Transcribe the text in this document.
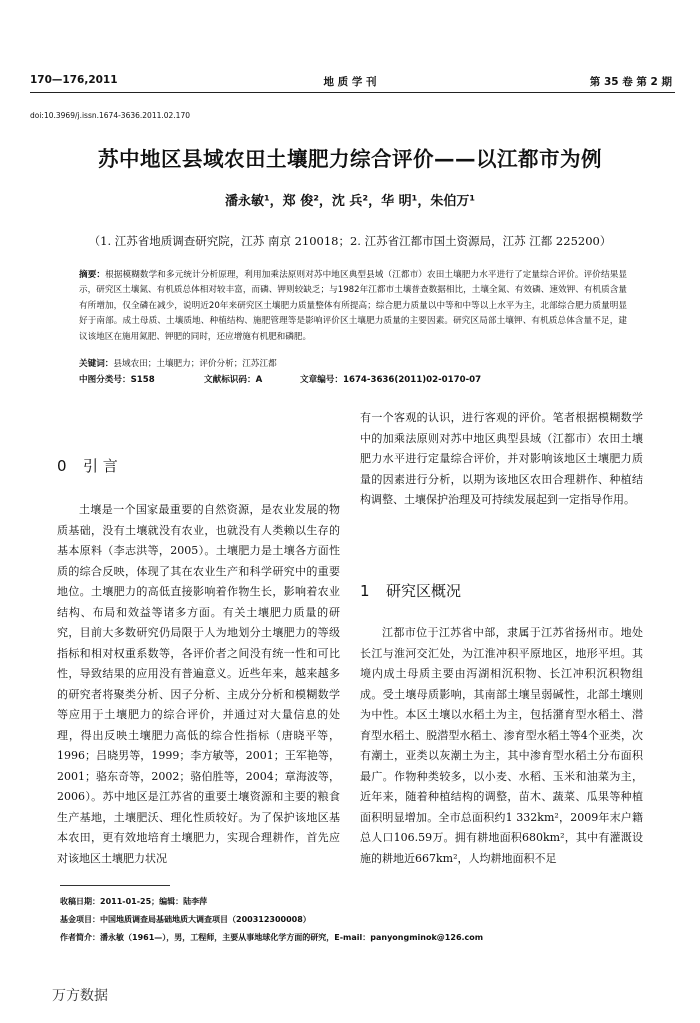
170—176,2011	地 质 学 刊	第 35 卷 第 2 期
doi:10.3969/j.issn.1674-3636.2011.02.170
苏中地区县域农田土壤肥力综合评价——以江都市为例
潘永敏¹，郑 俊²，沈 兵²，华 明¹，朱伯万¹
（1. 江苏省地质调查研究院，江苏 南京 210018；2. 江苏省江都市国土资源局，江苏 江都 225200）
摘要：根据模糊数学和多元统计分析原理，利用加乘法原则对苏中地区典型县域（江都市）农田土壤肥力水平进行了定量综合评价。评价结果显示，研究区土壤氮、有机质总体相对较丰富，而磷、钾则较缺乏；与1982年江都市土壤普查数据相比，土壤全氮、有效磷、速效钾、有机质含量有所增加，仅全磷在减少，说明近20年来研究区土壤肥力质量整体有所提高；综合肥力质量以中等和中等以上水平为主，北部综合肥力质量明显好于南部。成土母质、土壤质地、种植结构、施肥管理等是影响评价区土壤肥力质量的主要因素。研究区局部土壤钾、有机质总体含量不足，建议该地区在施用氮肥、钾肥的同时，还应增施有机肥和磷肥。
关键词：县域农田；土壤肥力；评价分析；江苏江都
中图分类号：S158	文献标识码：A	文章编号：1674-3636(2011)02-0170-07
0 引 言

土壤是一个国家最重要的自然资源，是农业发展的物质基础，没有土壤就没有农业，也就没有人类赖以生存的基本原料（李志洪等，2005）。土壤肥力是土壤各方面性质的综合反映，体现了其在农业生产和科学研究中的重要地位。土壤肥力的高低直接影响着作物生长，影响着农业结构、布局和效益等诸多方面。有关土壤肥力质量的研究，目前大多数研究仍局限于人为地划分土壤肥力的等级指标和相对权重系数等，各评价者之间没有统一性和可比性，导致结果的应用没有普遍意义。近些年来，越来越多的研究者将聚类分析、因子分析、主成分分析和模糊数学等应用于土壤肥力的综合评价，并通过对大量信息的处理，得出反映土壤肥力高低的综合性指标（唐晓平等，1996；吕晓男等，1999；李方敏等，2001；王军艳等，2001；骆东奇等，2002；骆伯胜等，2004；章海波等，2006）。苏中地区是江苏省的重要土壤资源和主要的粮食生产基地，土壤肥沃、理化性质较好。为了保护该地区基本农田，更有效地培育土壤肥力，实现合理耕作，首先应对该地区土壤肥力状况

有一个客观的认识，进行客观的评价。笔者根据模糊数学中的加乘法原则对苏中地区典型县域（江都市）农田土壤肥力水平进行定量综合评价，并对影响该地区土壤肥力质量的因素进行分析，以期为该地区农田合理耕作、种植结构调整、土壤保护治理及可持续发展起到一定指导作用。

1 研究区概况

江都市位于江苏省中部，隶属于江苏省扬州市。地处长江与淮河交汇处，为江淮冲积平原地区，地形平坦。其境内成土母质主要由泻湖相沉积物、长江冲积沉积物组成。受土壤母质影响，其南部土壤呈弱碱性，北部土壤则为中性。本区土壤以水稻土为主，包括潴育型水稻土、潜育型水稻土、脱潜型水稻土、渗育型水稻土等4个亚类，次有潮土，亚类以灰潮土为主，其中渗育型水稻土分布面积最广。作物种类较多，以小麦、水稻、玉米和油菜为主，近年来，随着种植结构的调整，苗木、蔬菜、瓜果等种植面积明显增加。全市总面积约1 332km²，2009年末户籍总人口106.59万。拥有耕地面积680km²，其中有灌溉设施的耕地近667km²，人均耕地面积不足

收稿日期：2011-01-25；编辑：陆李萍
基金项目：中国地质调查局基础地质大调查项目（200312300008）
作者简介：潘永敏（1961—），男，工程师，主要从事地球化学方面的研究，E-mail：panyongminok@126.com
万方数据
